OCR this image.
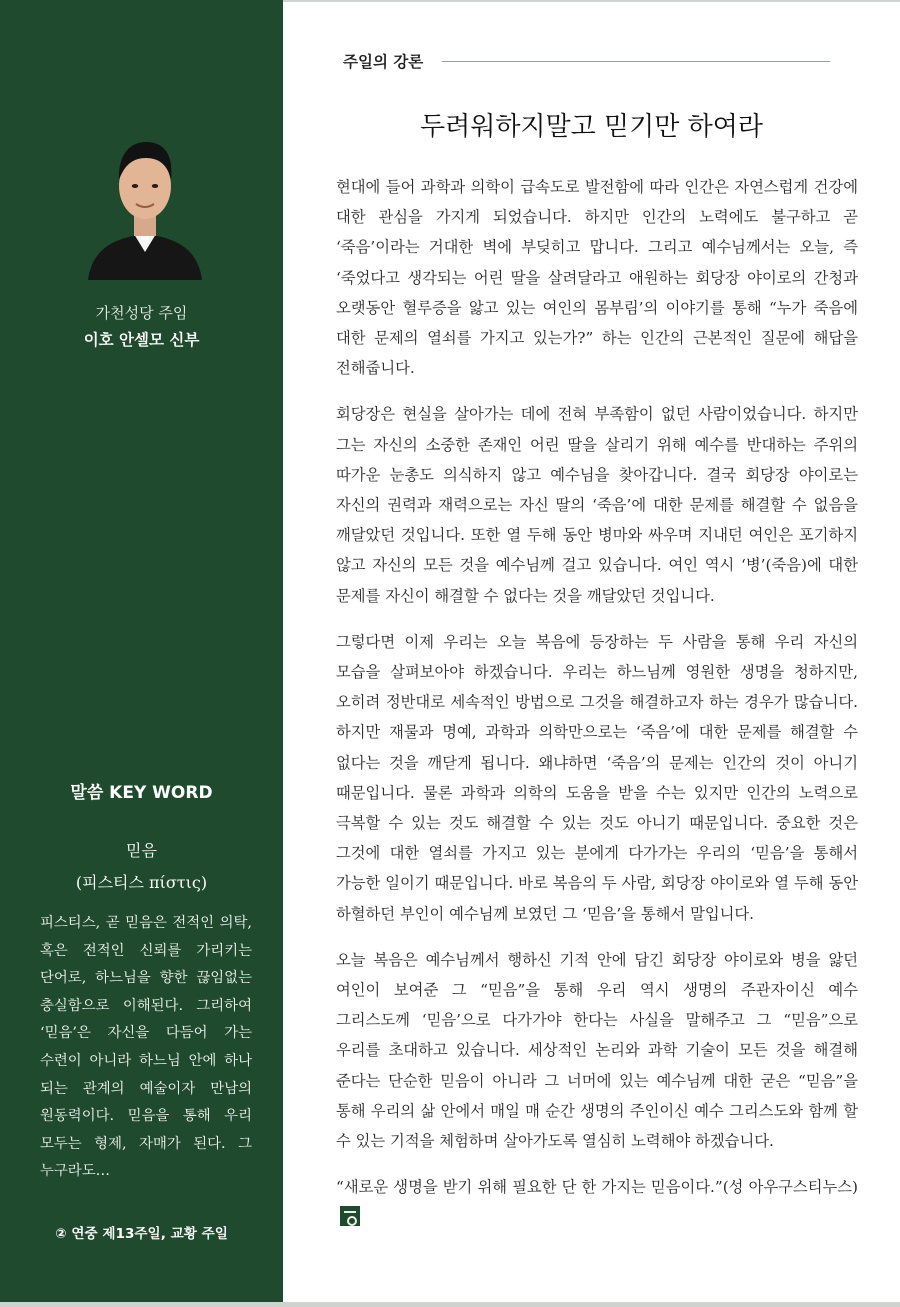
가천성당 주임
이호 안셀모 신부
말씀 KEY WORD
믿음
(피스티스 πίστις)
피스티스, 곧 믿음은 전적인 의탁, 혹은 전적인 신뢰를 가리키는 단어로, 하느님을 향한 끊임없는 충실함으로 이해된다. 그리하여 ‘믿음’은 자신을 다듬어 가는 수련이 아니라 하느님 안에 하나 되는 관계의 예술이자 만남의 원동력이다. 믿음을 통해 우리 모두는 형제, 자매가 된다. 그 누구라도…
② 연중 제13주일, 교황 주일
주일의 강론
두려워하지말고 믿기만 하여라

현대에 들어 과학과 의학이 급속도로 발전함에 따라 인간은 자연스럽게 건강에 대한 관심을 가지게 되었습니다. 하지만 인간의 노력에도 불구하고 곧 ‘죽음’이라는 거대한 벽에 부딪히고 맙니다. 그리고 예수님께서는 오늘, 즉 ‘죽었다고 생각되는 어린 딸을 살려달라고 애원하는 회당장 야이로의 간청과 오랫동안 혈루증을 앓고 있는 여인의 몸부림’의 이야기를 통해 “누가 죽음에 대한 문제의 열쇠를 가지고 있는가?” 하는 인간의 근본적인 질문에 해답을 전해줍니다.

회당장은 현실을 살아가는 데에 전혀 부족함이 없던 사람이었습니다. 하지만 그는 자신의 소중한 존재인 어린 딸을 살리기 위해 예수를 반대하는 주위의 따가운 눈총도 의식하지 않고 예수님을 찾아갑니다. 결국 회당장 야이로는 자신의 권력과 재력으로는 자신 딸의 ‘죽음’에 대한 문제를 해결할 수 없음을 깨달았던 것입니다. 또한 열 두해 동안 병마와 싸우며 지내던 여인은 포기하지 않고 자신의 모든 것을 예수님께 걸고 있습니다. 여인 역시 ‘병’(죽음)에 대한 문제를 자신이 해결할 수 없다는 것을 깨달았던 것입니다.

그렇다면 이제 우리는 오늘 복음에 등장하는 두 사람을 통해 우리 자신의 모습을 살펴보아야 하겠습니다. 우리는 하느님께 영원한 생명을 청하지만, 오히려 정반대로 세속적인 방법으로 그것을 해결하고자 하는 경우가 많습니다. 하지만 재물과 명예, 과학과 의학만으로는 ‘죽음’에 대한 문제를 해결할 수 없다는 것을 깨닫게 됩니다. 왜냐하면 ‘죽음’의 문제는 인간의 것이 아니기 때문입니다. 물론 과학과 의학의 도움을 받을 수는 있지만 인간의 노력으로 극복할 수 있는 것도 해결할 수 있는 것도 아니기 때문입니다. 중요한 것은 그것에 대한 열쇠를 가지고 있는 분에게 다가가는 우리의 ‘믿음’을 통해서 가능한 일이기 때문입니다. 바로 복음의 두 사람, 회당장 야이로와 열 두해 동안 하혈하던 부인이 예수님께 보였던 그 ‘믿음’을 통해서 말입니다.

오늘 복음은 예수님께서 행하신 기적 안에 담긴 회당장 야이로와 병을 앓던 여인이 보여준 그 “믿음”을 통해 우리 역시 생명의 주관자이신 예수 그리스도께 ‘믿음’으로 다가가야 한다는 사실을 말해주고 그 “믿음”으로 우리를 초대하고 있습니다. 세상적인 논리와 과학 기술이 모든 것을 해결해 준다는 단순한 믿음이 아니라 그 너머에 있는 예수님께 대한 굳은 “믿음”을 통해 우리의 삶 안에서 매일 매 순간 생명의 주인이신 예수 그리스도와 함께 할 수 있는 기적을 체험하며 살아가도록 열심히 노력해야 하겠습니다.

“새로운 생명을 받기 위해 필요한 단 한 가지는 믿음이다.”(성 아우구스티누스)
